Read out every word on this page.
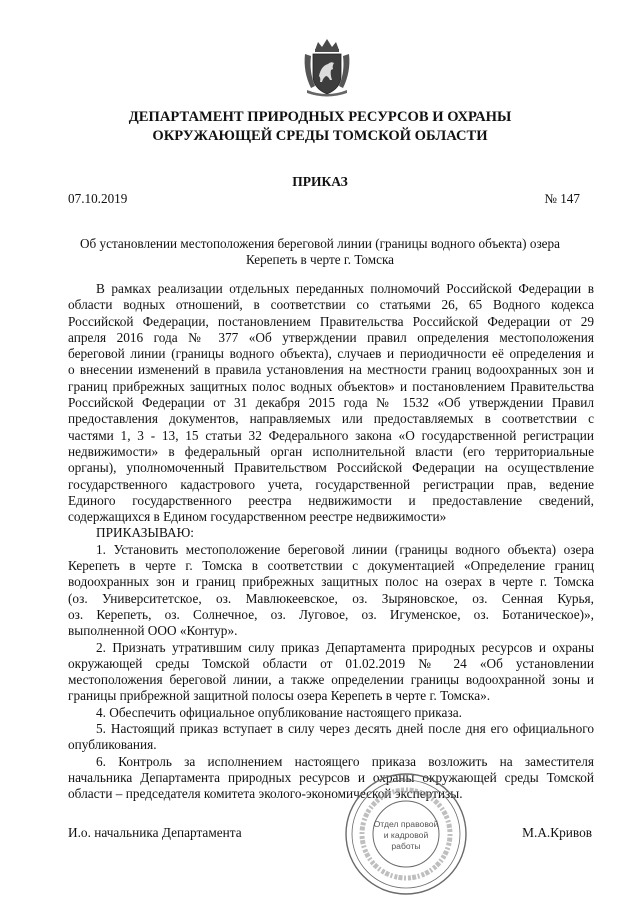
ДЕПАРТАМЕНТ ПРИРОДНЫХ РЕСУРСОВ И ОХРАНЫ
ОКРУЖАЮЩЕЙ СРЕДЫ ТОМСКОЙ ОБЛАСТИ
ПРИКАЗ
07.10.2019	№ 147
Об установлении местоположения береговой линии (границы водного объекта) озера
Керепеть в черте г. Томска
В рамках реализации отдельных переданных полномочий Российской Федерации в
области водных отношений, в соответствии со статьями 26, 65 Водного кодекса
Российской Федерации, постановлением Правительства Российской Федерации от 29
апреля 2016 года № 377 «Об утверждении правил определения местоположения
береговой линии (границы водного объекта), случаев и периодичности её определения и
о внесении изменений в правила установления на местности границ водоохранных зон и
границ прибрежных защитных полос водных объектов» и постановлением Правительства
Российской Федерации от 31 декабря 2015 года № 1532 «Об утверждении Правил
предоставления документов, направляемых или предоставляемых в соответствии с
частями 1, 3 - 13, 15 статьи 32 Федерального закона «О государственной регистрации
недвижимости» в федеральный орган исполнительной власти (его территориальные
органы), уполномоченный Правительством Российской Федерации на осуществление
государственного кадастрового учета, государственной регистрации прав, ведение
Единого государственного реестра недвижимости и предоставление сведений,
содержащихся в Едином государственном реестре недвижимости»
ПРИКАЗЫВАЮ:
1. Установить местоположение береговой линии (границы водного объекта) озера
Керепеть в черте г. Томска в соответствии с документацией «Определение границ
водоохранных зон и границ прибрежных защитных полос на озерах в черте г. Томска
(оз. Университетское, оз. Мавлюкеевское, оз. Зыряновское, оз. Сенная Курья,
оз. Керепеть, оз. Солнечное, оз. Луговое, оз. Игуменское, оз. Ботаническое)»,
выполненной ООО «Контур».
2. Признать утратившим силу приказ Департамента природных ресурсов и охраны
окружающей среды Томской области от 01.02.2019 № 24 «Об установлении
местоположения береговой линии, а также определении границы водоохранной зоны и
границы прибрежной защитной полосы озера Керепеть в черте г. Томска».
4. Обеспечить официальное опубликование настоящего приказа.
5. Настоящий приказ вступает в силу через десять дней после дня его официального
опубликования.
6. Контроль за исполнением настоящего приказа возложить на заместителя
начальника Департамента природных ресурсов и охраны окружающей среды Томской
области – председателя комитета эколого-экономической экспертизы.
И.о. начальника Департамента	М.А.Кривов
Отдел правовой
и кадровой
работы
